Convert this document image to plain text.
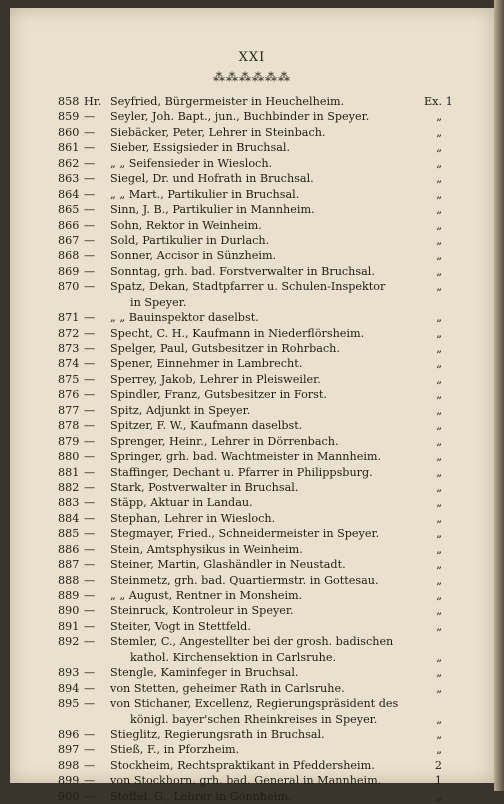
XXI
⁂⁂⁂⁂⁂⁂
858 Hr. Seyfried, Bürgermeister in Heuchelheim.	Ex. 1
859 —	Seyler, Joh. Bapt., jun., Buchbinder in Speyer.	„
860 —	Siebäcker, Peter, Lehrer in Steinbach.	„
861 —	Sieber, Essigsieder in Bruchsal.	„
862 —	„ „ Seifensieder in Wiesloch.	„
863 —	Siegel, Dr. und Hofrath in Bruchsal.	„
864 —	„ „ Mart., Partikulier in Bruchsal.	„
865 —	Sinn, J. B., Partikulier in Mannheim.	„
866 —	Sohn, Rektor in Weinheim.	„
867 —	Sold, Partikulier in Durlach.	„
868 —	Sonner, Accisor in Sünzheim.	„
869 —	Sonntag, grh. bad. Forstverwalter in Bruchsal.	„
870 —	Spatz, Dekan, Stadtpfarrer u. Schulen-Inspektor	„
in Speyer.
871 —	„ „ Bauinspektor daselbst.	„
872 —	Specht, C. H., Kaufmann in Niederflörsheim.	„
873 —	Spelger, Paul, Gutsbesitzer in Rohrbach.	„
874 —	Spener, Einnehmer in Lambrecht.	„
875 —	Sperrey, Jakob, Lehrer in Pleisweiler.	„
876 —	Spindler, Franz, Gutsbesitzer in Forst.	„
877 —	Spitz, Adjunkt in Speyer.	„
878 —	Spitzer, F. W., Kaufmann daselbst.	„
879 —	Sprenger, Heinr., Lehrer in Dörrenbach.	„
880 —	Springer, grh. bad. Wachtmeister in Mannheim.	„
881 —	Staffinger, Dechant u. Pfarrer in Philippsburg.	„
882 —	Stark, Postverwalter in Bruchsal.	„
883 —	Stäpp, Aktuar in Landau.	„
884 —	Stephan, Lehrer in Wiesloch.	„
885 —	Stegmayer, Fried., Schneidermeister in Speyer.	„
886 —	Stein, Amtsphysikus in Weinheim.	„
887 —	Steiner, Martin, Glashändler in Neustadt.	„
888 —	Steinmetz, grh. bad. Quartiermstr. in Gottesau.	„
889 —	„ „ August, Rentner in Monsheim.	„
890 —	Steinruck, Kontroleur in Speyer.	„
891 —	Steiter, Vogt in Stettfeld.	„
892 —	Stemler, C., Angestellter bei der grosh. badischen
kathol. Kirchensektion in Carlsruhe.	„
893 —	Stengle, Kaminfeger in Bruchsal.	„
894 —	von Stetten, geheimer Rath in Carlsruhe.	„
895 —	von Stichaner, Excellenz, Regierungspräsident des
königl. bayer'schen Rheinkreises in Speyer.	„
896 —	Stieglitz, Regierungsrath in Bruchsal.	„
897 —	Stieß, F., in Pforzheim.	„
898 —	Stockheim, Rechtspraktikant in Pfeddersheim.	2
899 —	von Stockhorn, grh. bad. General in Mannheim.	1
900 —	Stoffel, G., Lehrer in Gönnheim.	„
